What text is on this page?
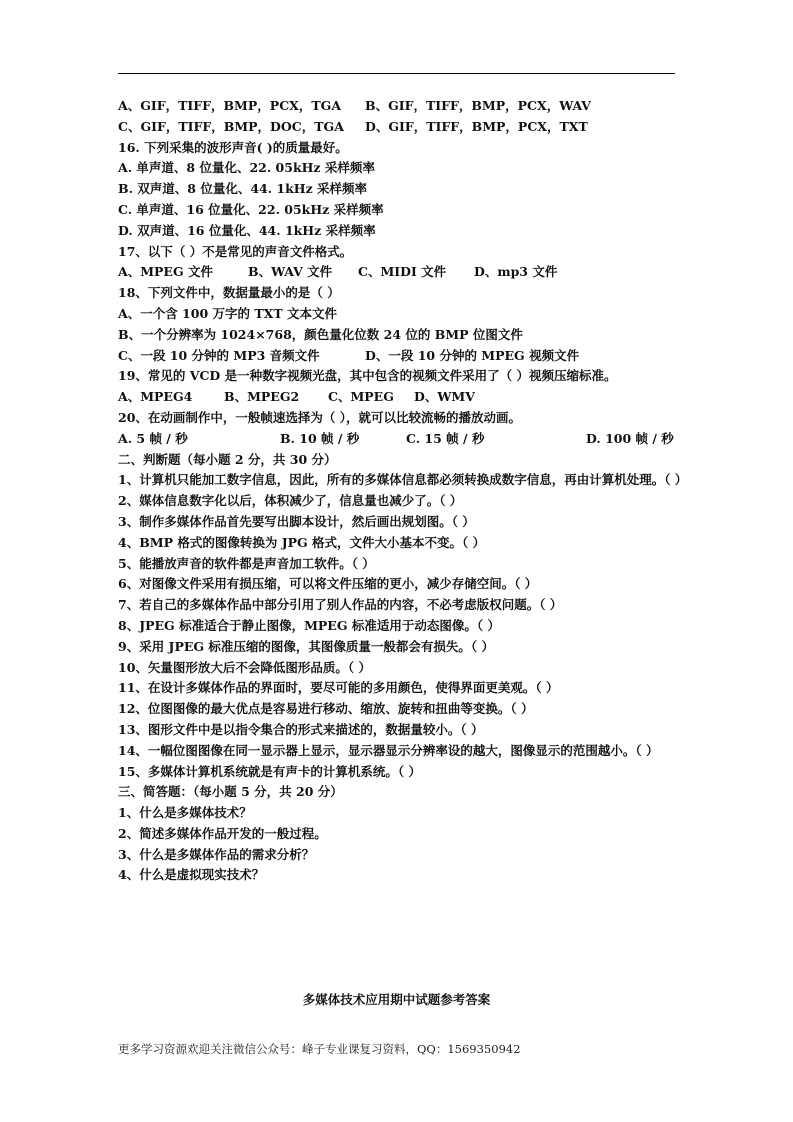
A、GIF，TIFF，BMP，PCX，TGA	B、GIF，TIFF，BMP，PCX，WAV
C、GIF，TIFF，BMP，DOC，TGA	D、GIF，TIFF，BMP，PCX，TXT
16. 下列采集的波形声音( )的质量最好。
A. 单声道、8 位量化、22. 05kHz 采样频率
B. 双声道、8 位量化、44. 1kHz 采样频率
C. 单声道、16 位量化、22. 05kHz 采样频率
D. 双声道、16 位量化、44. 1kHz 采样频率
17、以下（ ）不是常见的声音文件格式。
A、MPEG 文件	B、WAV 文件	C、MIDI 文件	D、mp3 文件
18、下列文件中，数据量最小的是（ ）
A、一个含 100 万字的 TXT 文本文件
B、一个分辨率为 1024×768，颜色量化位数 24 位的 BMP 位图文件
C、一段 10 分钟的 MP3 音频文件	D、一段 10 分钟的 MPEG 视频文件
19、常见的 VCD 是一种数字视频光盘，其中包含的视频文件采用了（ ）视频压缩标准。
A、MPEG4	B、MPEG2	C、MPEG	D、WMV
20、在动画制作中，一般帧速选择为（ ），就可以比较流畅的播放动画。
A. 5 帧 / 秒	B. 10 帧 / 秒	C. 15 帧 / 秒	D. 100 帧 / 秒
二、判断题（每小题 2 分，共 30 分）
1、计算机只能加工数字信息，因此，所有的多媒体信息都必须转换成数字信息，再由计算机处理。（ ）
2、媒体信息数字化以后，体积减少了，信息量也减少了。（ ）
3、制作多媒体作品首先要写出脚本设计，然后画出规划图。（ ）
4、BMP 格式的图像转换为 JPG 格式，文件大小基本不变。（ ）
5、能播放声音的软件都是声音加工软件。（ ）
6、对图像文件采用有损压缩，可以将文件压缩的更小，减少存储空间。（ ）
7、若自己的多媒体作品中部分引用了别人作品的内容，不必考虑版权问题。（ ）
8、JPEG 标准适合于静止图像，MPEG 标准适用于动态图像。（ ）
9、采用 JPEG 标准压缩的图像，其图像质量一般都会有损失。（ ）
10、矢量图形放大后不会降低图形品质。（ ）
11、在设计多媒体作品的界面时，要尽可能的多用颜色，使得界面更美观。（ ）
12、位图图像的最大优点是容易进行移动、缩放、旋转和扭曲等变换。（ ）
13、图形文件中是以指令集合的形式来描述的，数据量较小。（ ）
14、一幅位图图像在同一显示器上显示，显示器显示分辨率设的越大，图像显示的范围越小。（ ）
15、多媒体计算机系统就是有声卡的计算机系统。（ ）
三、简答题：（每小题 5 分，共 20 分）
1、什么是多媒体技术？
2、简述多媒体作品开发的一般过程。
3、什么是多媒体作品的需求分析？
4、什么是虚拟现实技术？
多媒体技术应用期中试题参考答案
更多学习资源欢迎关注微信公众号：峰子专业课复习资料，QQ：1569350942
